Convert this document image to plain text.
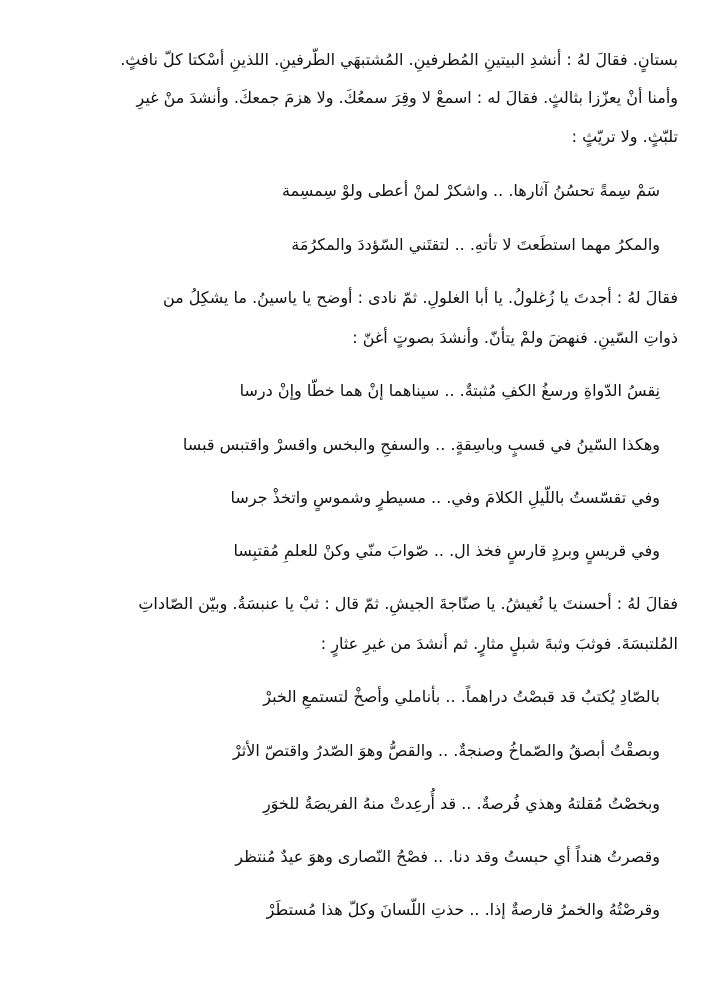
بستانٍ. فقالَ لهُ : أنشدِ البيتينِ المُطرفينِ. المُشتبهَي الطّرفينِ. اللذينِ أسْكتا كلّ نافثٍ.
وأمنا أنْ يعزّزا بثالثٍ. فقالَ له : اسمعْ لا وقِرَ سمعُكَ. ولا هزمَ جمعكَ. وأنشدَ منْ غيرِ
تلبّثٍ. ولا تريّثٍ :
سَمْ سِمةً تحسُنُ آثارها. .. واشكرْ لمنْ أعطى ولوْ سِمسِمة
والمكرُ مهما استطَعتَ لا تأتهِ. .. لتقتَني السّؤددَ والمكرُمَة
فقالَ لهُ : أجدتَ يا زُغلولُ. يا أبا الغلولِ. ثمّ نادى : أوضح يا ياسينُ. ما يشكِلُ من
ذواتِ السّينِ. فنهضَ ولمْ يتأنّ. وأنشدَ بصوتٍ أغنّ :
نِقسُ الدّواةِ ورسغُ الكفِ مُثبتةٌ. .. سيناهما إنْ هما خطّا وإنْ درسا
وهكذا السّينُ في قسبٍ وباسِقةٍ. .. والسفحِ والبخس واقسرْ واقتبس قبسا
وفي تقسّستُ باللّيلِ الكلامَ وفي. .. مسيطرٍ وشموسٍ واتخذْ جرسا
وفي قريسٍ وبردٍ قارسٍ فخذ ال. .. صّوابَ منّي وكنْ للعلمِ مُقتبِسا
فقالَ لهُ : أحسنتَ يا نُغيشُ. يا صنّاجةَ الجيشِ. ثمّ قال : ثبْ يا عنبسَةُ. وبيّن الصّاداتِ
المُلتبسَةَ. فوثبَ وثبةَ شبلٍ مثارٍ. ثم أنشدَ من غيرِ عثارٍ :
بالصّادِ يُكتبُ قد قبصْتُ دراهماً. .. بأناملي وأصخْ لتستمعِ الخبرْ
وبصقْتُ أبصقُ والصّماخُ وصنجةٌ. .. والقصُّ وهوَ الصّدرُ واقتصّ الأثرْ
وبخصْتُ مُقلتهُ وهذي فُرصةٌ. .. قد أُرعِدتْ منهُ الفريصَةُ للخوَرِ
وقصرتُ هنداً أي حبستُ وقد دنا. .. فصْحُ النّصارى وهوَ عيدٌ مُنتظر
وقرصْتُهُ والخمرُ قارصةٌ إذا. .. حذتِ اللّسانَ وكلّ هذا مُستطَرْ
